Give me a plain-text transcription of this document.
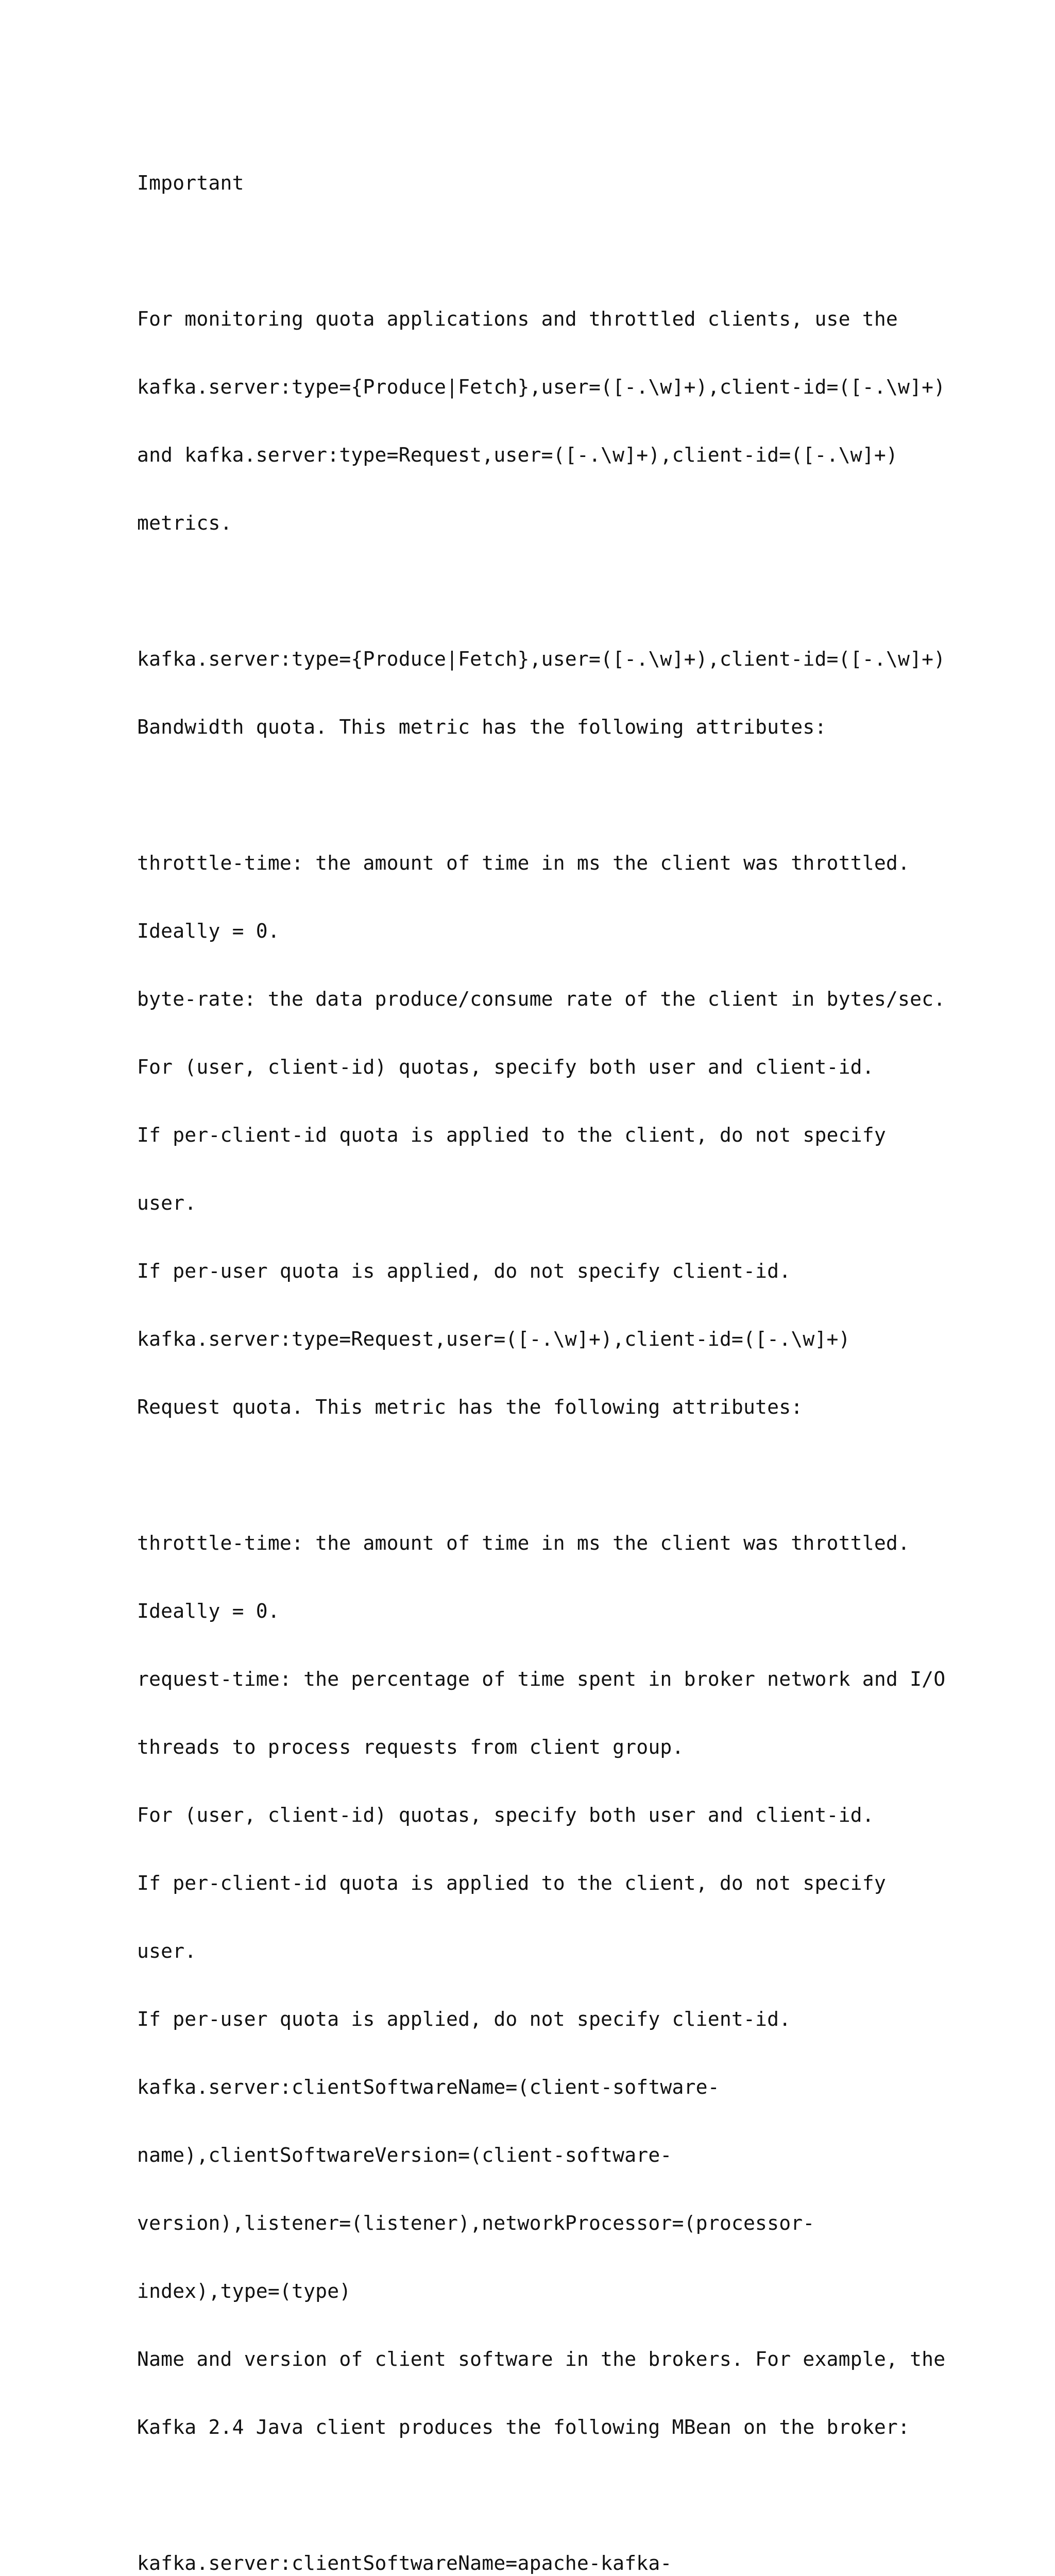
Important

For monitoring quota applications and throttled clients, use the

kafka.server:type={Produce|Fetch},user=([-.\w]+),client-id=([-.\w]+)

and kafka.server:type=Request,user=([-.\w]+),client-id=([-.\w]+)

metrics.

kafka.server:type={Produce|Fetch},user=([-.\w]+),client-id=([-.\w]+)

Bandwidth quota. This metric has the following attributes:

throttle-time: the amount of time in ms the client was throttled.

Ideally = 0.

byte-rate: the data produce/consume rate of the client in bytes/sec.

For (user, client-id) quotas, specify both user and client-id.

If per-client-id quota is applied to the client, do not specify

user.

If per-user quota is applied, do not specify client-id.

kafka.server:type=Request,user=([-.\w]+),client-id=([-.\w]+)

Request quota. This metric has the following attributes:

throttle-time: the amount of time in ms the client was throttled.

Ideally = 0.

request-time: the percentage of time spent in broker network and I/O

threads to process requests from client group.

For (user, client-id) quotas, specify both user and client-id.

If per-client-id quota is applied to the client, do not specify

user.

If per-user quota is applied, do not specify client-id.

kafka.server:clientSoftwareName=(client-software-

name),clientSoftwareVersion=(client-software-

version),listener=(listener),networkProcessor=(processor-

index),type=(type)

Name and version of client software in the brokers. For example, the

Kafka 2.4 Java client produces the following MBean on the broker:

kafka.server:clientSoftwareName=apache-kafka-
